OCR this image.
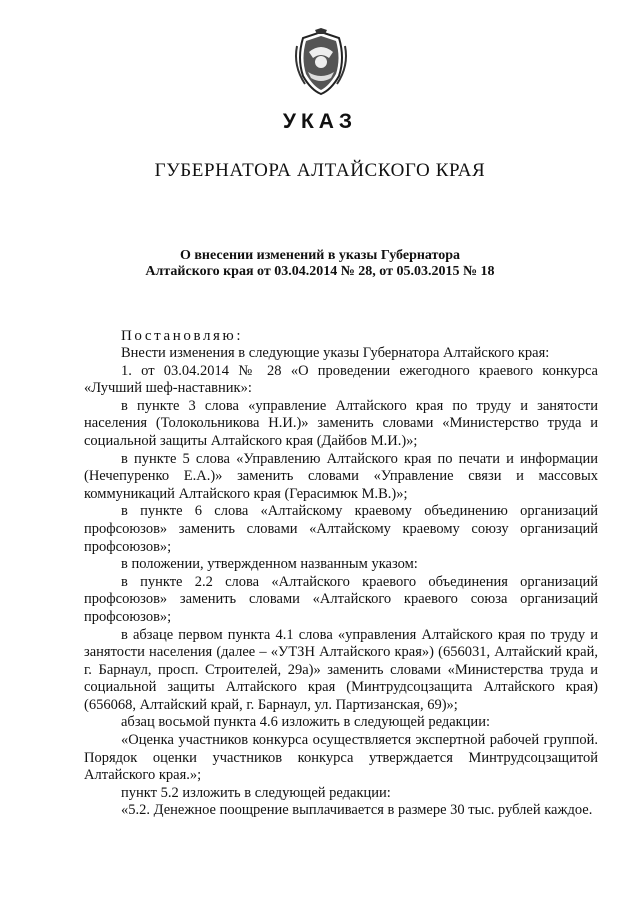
УКАЗ
ГУБЕРНАТОРА АЛТАЙСКОГО КРАЯ
О внесении изменений в указы Губернатора
Алтайского края от 03.04.2014 № 28, от 05.03.2015 № 18
Постановляю:

Внести изменения в следующие указы Губернатора Алтайского края:

1. от 03.04.2014 № 28 «О проведении ежегодного краевого конкурса «Лучший шеф-наставник»:

в пункте 3 слова «управление Алтайского края по труду и занятости населения (Толокольникова Н.И.)» заменить словами «Министерство труда и социальной защиты Алтайского края (Дайбов М.И.)»;

в пункте 5 слова «Управлению Алтайского края по печати и информации (Нечепуренко Е.А.)» заменить словами «Управление связи и массовых коммуникаций Алтайского края (Герасимюк М.В.)»;

в пункте 6 слова «Алтайскому краевому объединению организаций профсоюзов» заменить словами «Алтайскому краевому союзу организаций профсоюзов»;

в положении, утвержденном названным указом:

в пункте 2.2 слова «Алтайского краевого объединения организаций профсоюзов» заменить словами «Алтайского краевого союза организаций профсоюзов»;

в абзаце первом пункта 4.1 слова «управления Алтайского края по труду и занятости населения (далее – «УТЗН Алтайского края») (656031, Алтайский край, г. Барнаул, просп. Строителей, 29а)» заменить словами «Министерства труда и социальной защиты Алтайского края (Минтрудсоцзащита Алтайского края) (656068, Алтайский край, г. Барнаул, ул. Партизанская, 69)»;

абзац восьмой пункта 4.6 изложить в следующей редакции:

«Оценка участников конкурса осуществляется экспертной рабочей группой. Порядок оценки участников конкурса утверждается Минтрудсоцзащитой Алтайского края.»;

пункт 5.2 изложить в следующей редакции:

«5.2. Денежное поощрение выплачивается в размере 30 тыс. рублей каждое.
